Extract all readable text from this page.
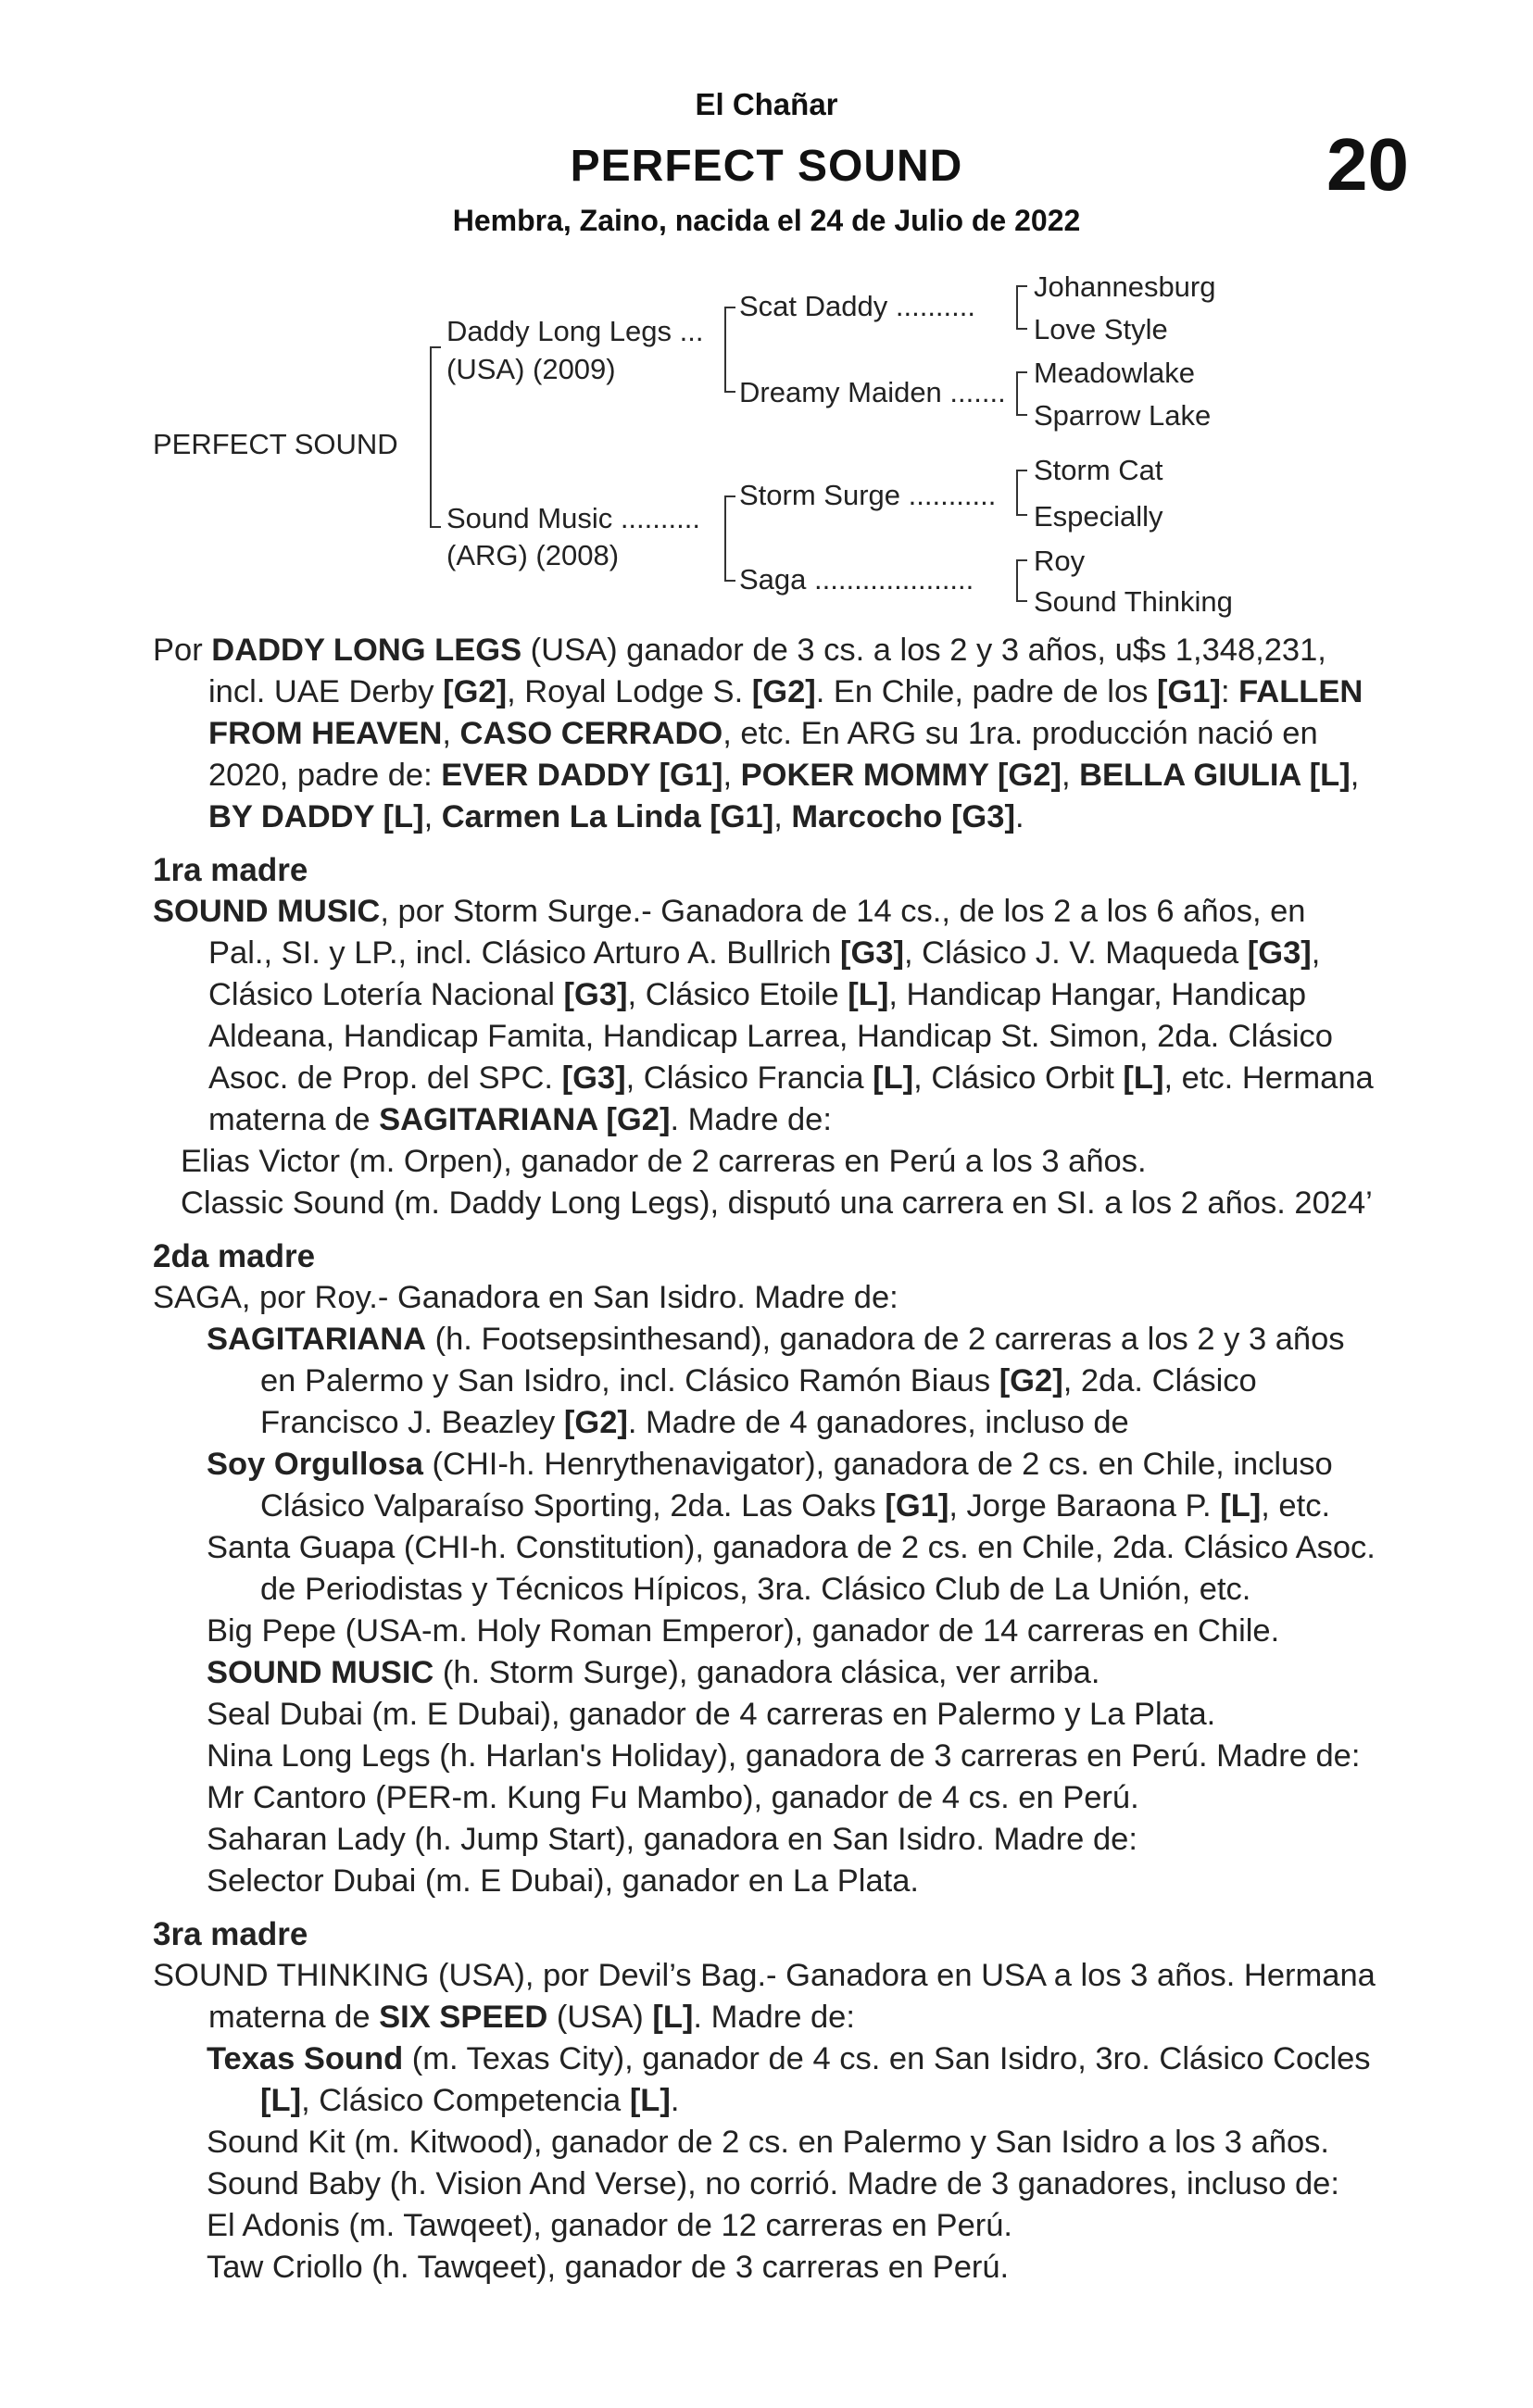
El Chañar
PERFECT SOUND	20
Hembra, Zaino, nacida el 24 de Julio de 2022
PERFECT SOUND
Daddy Long Legs ...
(USA) (2009)
Sound Music ..........
(ARG) (2008)
Scat Daddy ..........
Dreamy Maiden .......
Storm Surge ...........
Saga ....................
Johannesburg
Love Style
Meadowlake
Sparrow Lake
Storm Cat
Especially
Roy
Sound Thinking
Por DADDY LONG LEGS (USA) ganador de 3 cs. a los 2 y 3 años, u$s 1,348,231, incl. UAE Derby [G2], Royal Lodge S. [G2]. En Chile, padre de los [G1]: FALLEN FROM HEAVEN, CASO CERRADO, etc. En ARG su 1ra. producción nació en 2020, padre de: EVER DADDY [G1], POKER MOMMY [G2], BELLA GIULIA [L], BY DADDY [L], Carmen La Linda [G1], Marcocho [G3].
1ra madre
SOUND MUSIC, por Storm Surge.- Ganadora de 14 cs., de los 2 a los 6 años, en Pal., SI. y LP., incl. Clásico Arturo A. Bullrich [G3], Clásico J. V. Maqueda [G3], Clásico Lotería Nacional [G3], Clásico Etoile [L], Handicap Hangar, Handicap Aldeana, Handicap Famita, Handicap Larrea, Handicap St. Simon, 2da. Clásico Asoc. de Prop. del SPC. [G3], Clásico Francia [L], Clásico Orbit [L], etc. Hermana materna de SAGITARIANA [G2]. Madre de:
Elias Victor (m. Orpen), ganador de 2 carreras en Perú a los 3 años.
Classic Sound (m. Daddy Long Legs), disputó una carrera en SI. a los 2 años. 2024’
2da madre
SAGA, por Roy.- Ganadora en San Isidro. Madre de:
SAGITARIANA (h. Footsepsinthesand), ganadora de 2 carreras a los 2 y 3 años en Palermo y San Isidro, incl. Clásico Ramón Biaus [G2], 2da. Clásico Francisco J. Beazley [G2]. Madre de 4 ganadores, incluso de
Soy Orgullosa (CHI-h. Henrythenavigator), ganadora de 2 cs. en Chile, incluso Clásico Valparaíso Sporting, 2da. Las Oaks [G1], Jorge Baraona P. [L], etc.
Santa Guapa (CHI-h. Constitution), ganadora de 2 cs. en Chile, 2da. Clásico Asoc. de Periodistas y Técnicos Hípicos, 3ra. Clásico Club de La Unión, etc.
Big Pepe (USA-m. Holy Roman Emperor), ganador de 14 carreras en Chile.
SOUND MUSIC (h. Storm Surge), ganadora clásica, ver arriba.
Seal Dubai (m. E Dubai), ganador de 4 carreras en Palermo y La Plata.
Nina Long Legs (h. Harlan's Holiday), ganadora de 3 carreras en Perú. Madre de:
Mr Cantoro (PER-m. Kung Fu Mambo), ganador de 4 cs. en Perú.
Saharan Lady (h. Jump Start), ganadora en San Isidro. Madre de:
Selector Dubai (m. E Dubai), ganador en La Plata.
3ra madre
SOUND THINKING (USA), por Devil’s Bag.- Ganadora en USA a los 3 años. Hermana materna de SIX SPEED (USA) [L]. Madre de:
Texas Sound (m. Texas City), ganador de 4 cs. en San Isidro, 3ro. Clásico Cocles [L], Clásico Competencia [L].
Sound Kit (m. Kitwood), ganador de 2 cs. en Palermo y San Isidro a los 3 años.
Sound Baby (h. Vision And Verse), no corrió. Madre de 3 ganadores, incluso de:
El Adonis (m. Tawqeet), ganador de 12 carreras en Perú.
Taw Criollo (h. Tawqeet), ganador de 3 carreras en Perú.
